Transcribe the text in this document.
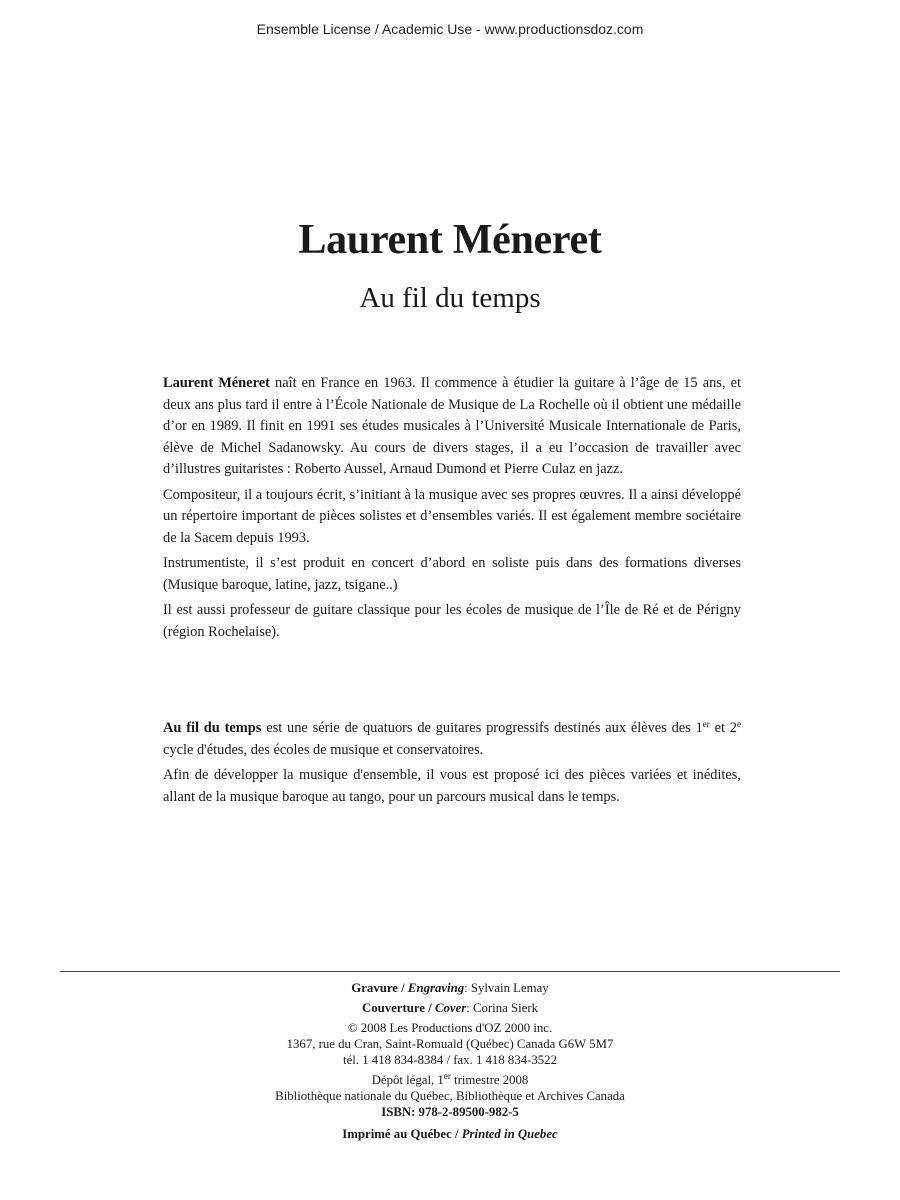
Ensemble License / Academic Use - www.productionsdoz.com
Laurent Méneret
Au fil du temps

Laurent Méneret naît en France en 1963. Il commence à étudier la guitare à l’âge de 15 ans, et deux ans plus tard il entre à l’École Nationale de Musique de La Rochelle où il obtient une médaille d’or en 1989. Il finit en 1991 ses études musicales à l’Université Musicale Internationale de Paris, élève de Michel Sadanowsky. Au cours de divers stages, il a eu l’occasion de travailler avec d’illustres guitaristes : Roberto Aussel, Arnaud Dumond et Pierre Culaz en jazz.

Compositeur, il a toujours écrit, s’initiant à la musique avec ses propres œuvres. Il a ainsi développé un répertoire important de pièces solistes et d’ensembles variés. Il est également membre sociétaire de la Sacem depuis 1993.

Instrumentiste, il s’est produit en concert d’abord en soliste puis dans des formations diverses (Musique baroque, latine, jazz, tsigane..)

Il est aussi professeur de guitare classique pour les écoles de musique de l’Île de Ré et de Périgny (région Rochelaise).

Au fil du temps est une série de quatuors de guitares progressifs destinés aux élèves des 1er et 2e cycle d'études, des écoles de musique et conservatoires.

Afin de développer la musique d'ensemble, il vous est proposé ici des pièces variées et inédites, allant de la musique baroque au tango, pour un parcours musical dans le temps.

Gravure / Engraving: Sylvain Lemay
Couverture / Cover: Corina Sierk
© 2008 Les Productions d'OZ 2000 inc.
1367, rue du Cran, Saint-Romuald (Québec) Canada G6W 5M7
tél. 1 418 834-8384 / fax. 1 418 834-3522
Dépôt légal, 1er trimestre 2008
Bibliothèque nationale du Québec, Bibliothèque et Archives Canada
ISBN: 978-2-89500-982-5
Imprimé au Québec / Printed in Quebec
